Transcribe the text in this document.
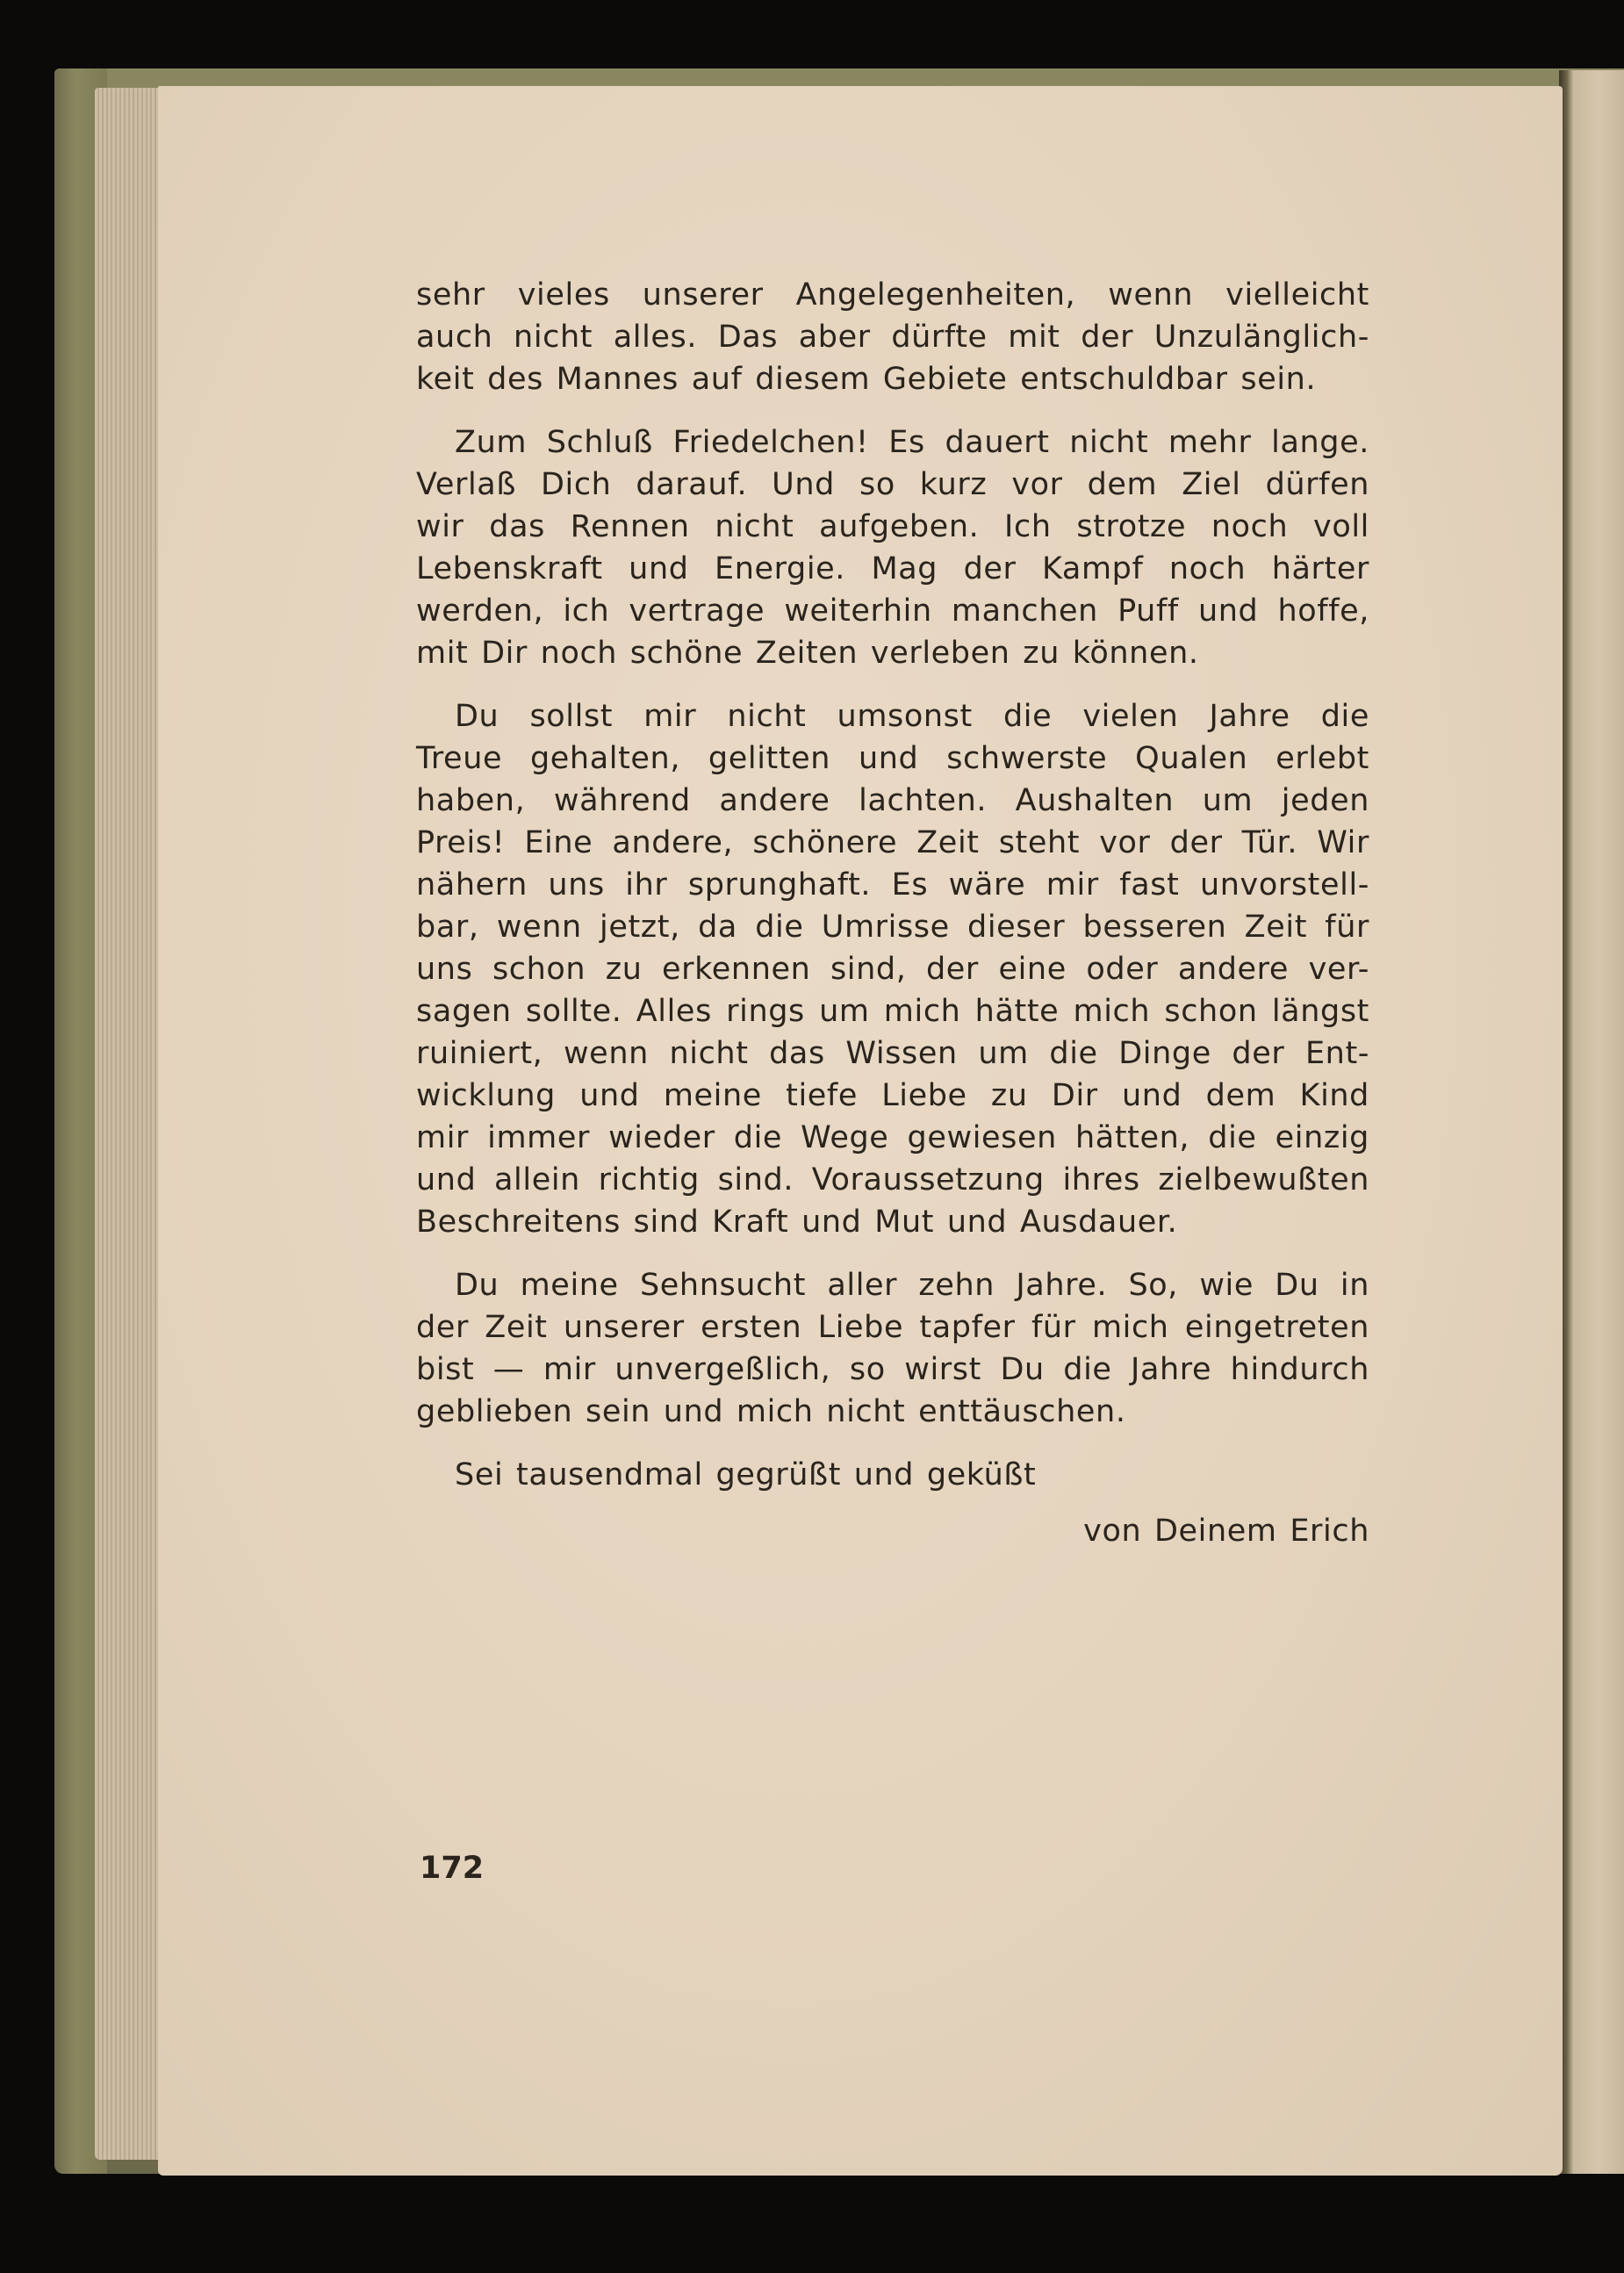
sehr vieles unserer Angelegenheiten, wenn vielleicht
auch nicht alles. Das aber dürfte mit der Unzulänglich-
keit des Mannes auf diesem Gebiete entschuldbar sein.
Zum Schluß Friedelchen! Es dauert nicht mehr lange.
Verlaß Dich darauf. Und so kurz vor dem Ziel dürfen
wir das Rennen nicht aufgeben. Ich strotze noch voll
Lebenskraft und Energie. Mag der Kampf noch härter
werden, ich vertrage weiterhin manchen Puff und hoffe,
mit Dir noch schöne Zeiten verleben zu können.
Du sollst mir nicht umsonst die vielen Jahre die
Treue gehalten, gelitten und schwerste Qualen erlebt
haben, während andere lachten. Aushalten um jeden
Preis! Eine andere, schönere Zeit steht vor der Tür. Wir
nähern uns ihr sprunghaft. Es wäre mir fast unvorstell-
bar, wenn jetzt, da die Umrisse dieser besseren Zeit für
uns schon zu erkennen sind, der eine oder andere ver-
sagen sollte. Alles rings um mich hätte mich schon längst
ruiniert, wenn nicht das Wissen um die Dinge der Ent-
wicklung und meine tiefe Liebe zu Dir und dem Kind
mir immer wieder die Wege gewiesen hätten, die einzig
und allein richtig sind. Voraussetzung ihres zielbewußten
Beschreitens sind Kraft und Mut und Ausdauer.
Du meine Sehnsucht aller zehn Jahre. So, wie Du in
der Zeit unserer ersten Liebe tapfer für mich eingetreten
bist — mir unvergeßlich, so wirst Du die Jahre hindurch
geblieben sein und mich nicht enttäuschen.
Sei tausendmal gegrüßt und geküßt
von Deinem Erich
172
